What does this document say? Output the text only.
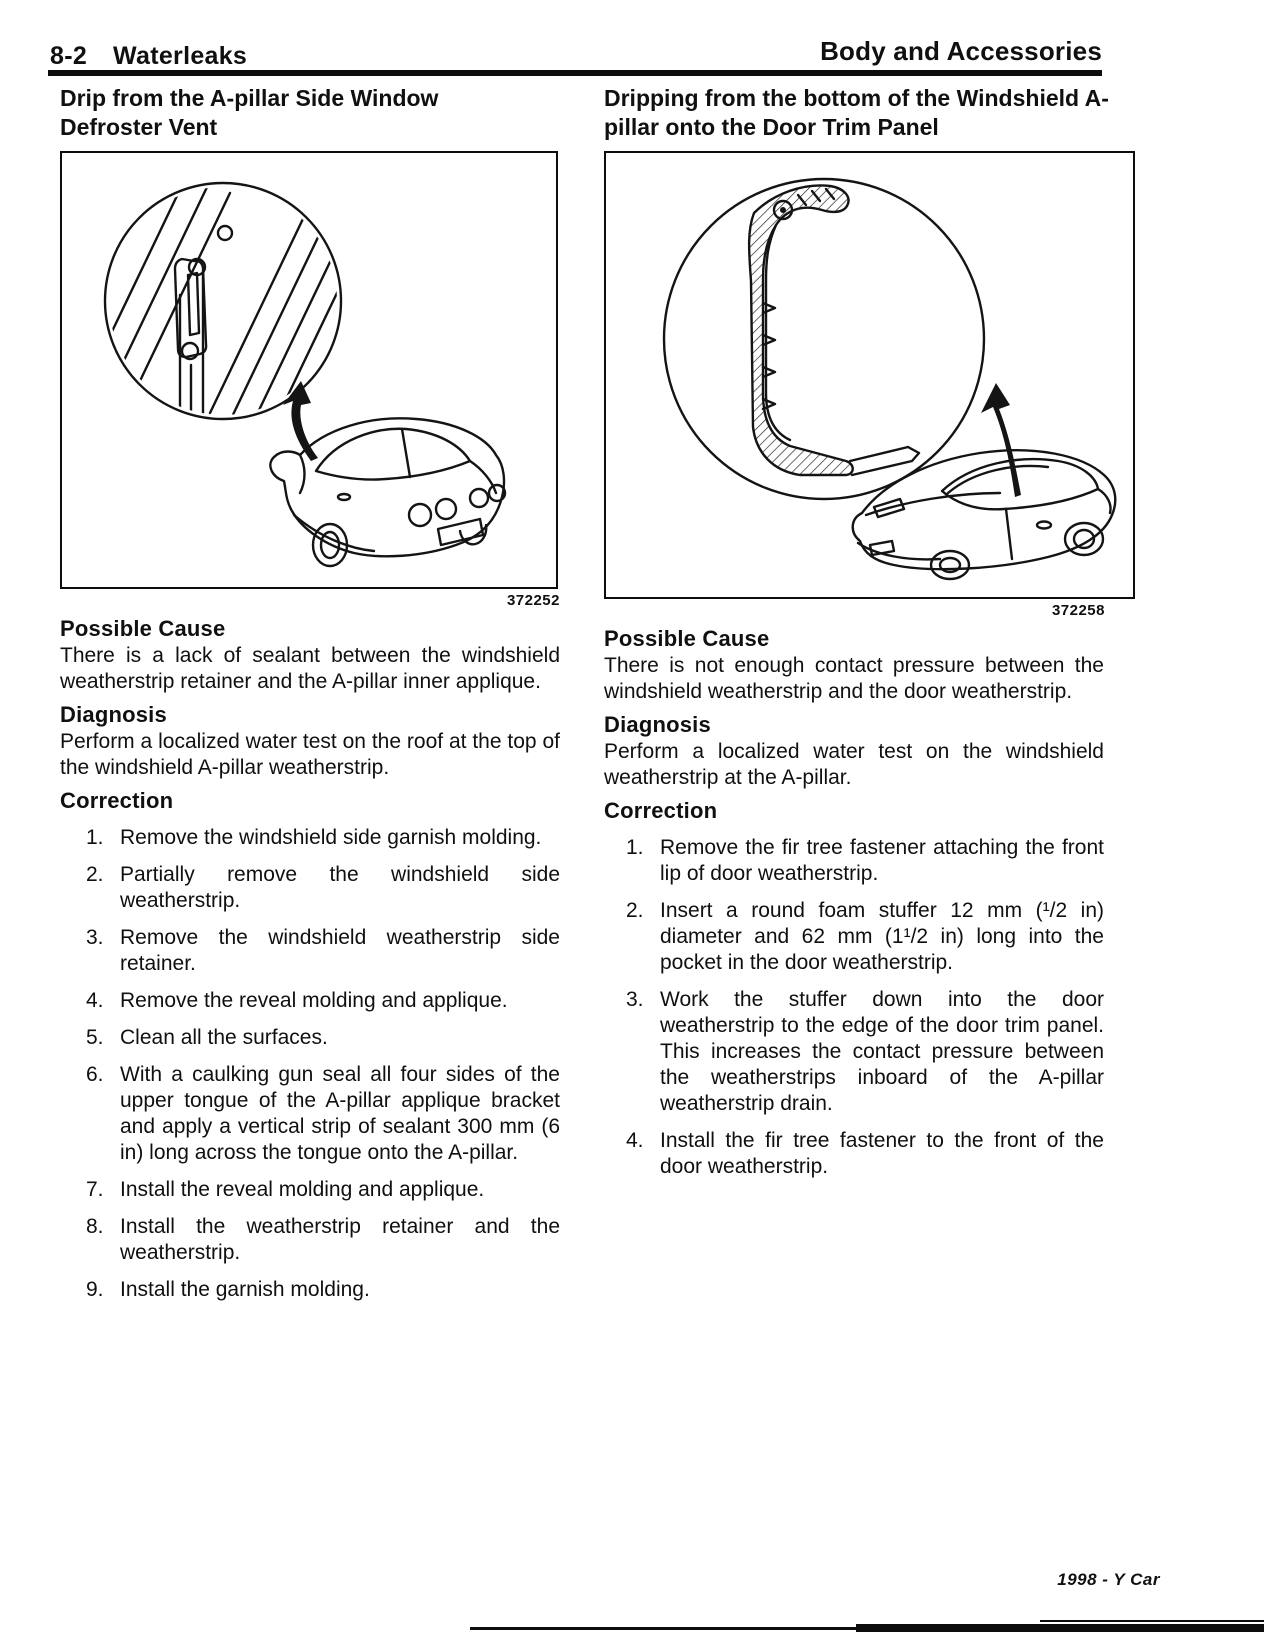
8-2 Waterleaks	Body and Accessories
Drip from the A-pillar Side Window Defroster Vent
372252

Possible Cause

There is a lack of sealant between the windshield weatherstrip retainer and the A-pillar inner applique.

Diagnosis

Perform a localized water test on the roof at the top of the windshield A-pillar weatherstrip.

Correction

1. Remove the windshield side garnish molding.
2. Partially remove the windshield side weatherstrip.
3. Remove the windshield weatherstrip side retainer.
4. Remove the reveal molding and applique.
5. Clean all the surfaces.
6. With a caulking gun seal all four sides of the upper tongue of the A-pillar applique bracket and apply a vertical strip of sealant 300 mm (6 in) long across the tongue onto the A-pillar.
7. Install the reveal molding and applique.
8. Install the weatherstrip retainer and the weatherstrip.
9. Install the garnish molding.
Dripping from the bottom of the Windshield A-pillar onto the Door Trim Panel
372258

Possible Cause

There is not enough contact pressure between the windshield weatherstrip and the door weatherstrip.

Diagnosis

Perform a localized water test on the windshield weatherstrip at the A-pillar.

Correction

1. Remove the fir tree fastener attaching the front lip of door weatherstrip.
2. Insert a round foam stuffer 12 mm (¹/2 in) diameter and 62 mm (1¹/2 in) long into the pocket in the door weatherstrip.
3. Work the stuffer down into the door weatherstrip to the edge of the door trim panel. This increases the contact pressure between the weatherstrips inboard of the A-pillar weatherstrip drain.
4. Install the fir tree fastener to the front of the door weatherstrip.
1998 - Y Car
